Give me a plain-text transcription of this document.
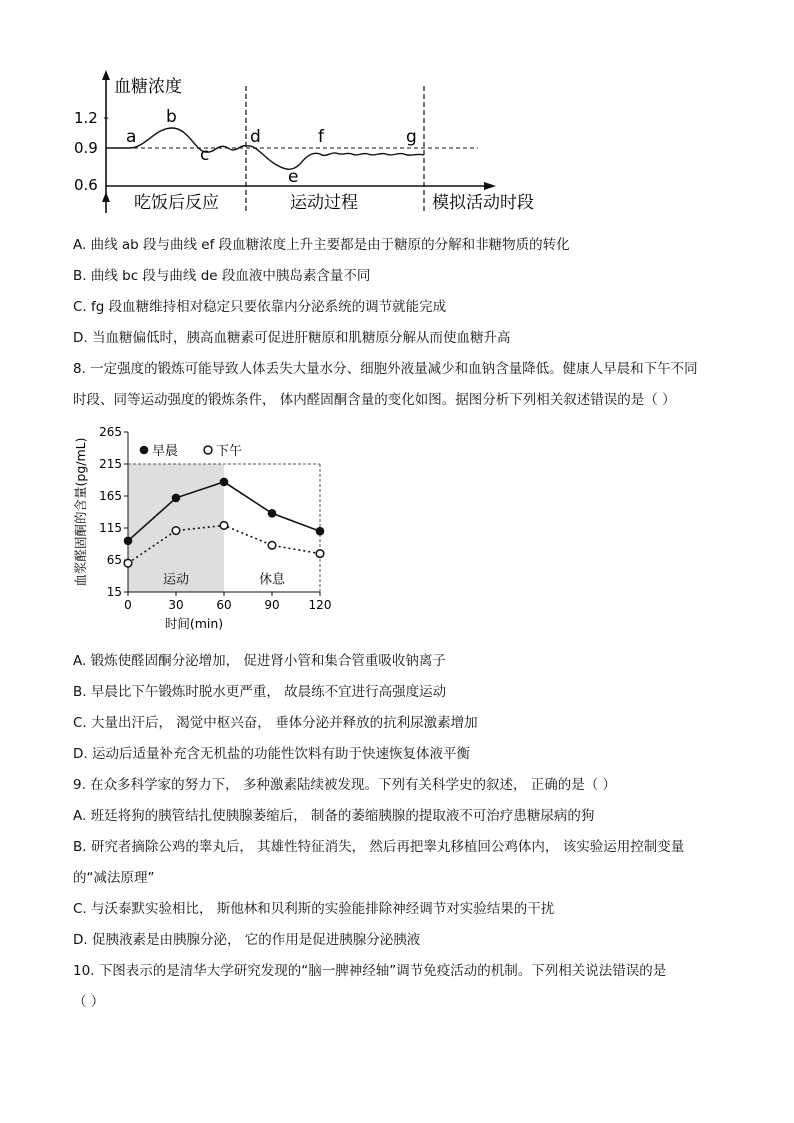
血糖浓度
1.2
0.9
0.6
a
b
c
d
e
f	g
吃饭后反应	运动过程	模拟活动时段
A. 曲线 ab 段与曲线 ef 段血糖浓度上升主要都是由于糖原的分解和非糖物质的转化
B. 曲线 bc 段与曲线 de 段血液中胰岛素含量不同
C. fg 段血糖维持相对稳定只要依靠内分泌系统的调节就能完成
D. 当血糖偏低时，胰高血糖素可促进肝糖原和肌糖原分解从而使血糖升高
8. 一定强度的锻炼可能导致人体丢失大量水分、细胞外液量减少和血钠含量降低。健康人早晨和下午不同
时段、同等运动强度的锻炼条件， 体内醛固酮含量的变化如图。据图分析下列相关叙述错误的是（ ）
15
65
115
165
215
265
0	30	60	90 120
血浆醛固酮的含量(pg/mL)
时间(min)
运动	休息
早晨	下午
A. 锻炼使醛固酮分泌增加， 促进肾小管和集合管重吸收钠离子
B. 早晨比下午锻炼时脱水更严重， 故晨练不宜进行高强度运动
C. 大量出汗后， 渴觉中枢兴奋， 垂体分泌并释放的抗利尿激素增加
D. 运动后适量补充含无机盐的功能性饮料有助于快速恢复体液平衡
9. 在众多科学家的努力下， 多种激素陆续被发现。下列有关科学史的叙述， 正确的是（ ）
A. 班廷将狗的胰管结扎使胰腺萎缩后， 制备的萎缩胰腺的提取液不可治疗患糖尿病的狗
B. 研究者摘除公鸡的睾丸后， 其雄性特征消失， 然后再把睾丸移植回公鸡体内， 该实验运用控制变量
的“减法原理”
C. 与沃泰默实验相比， 斯他林和贝利斯的实验能排除神经调节对实验结果的干扰
D. 促胰液素是由胰腺分泌， 它的作用是促进胰腺分泌胰液
10. 下图表示的是清华大学研究发现的“脑一脾神经轴”调节免疫活动的机制。下列相关说法错误的是
（ ）
